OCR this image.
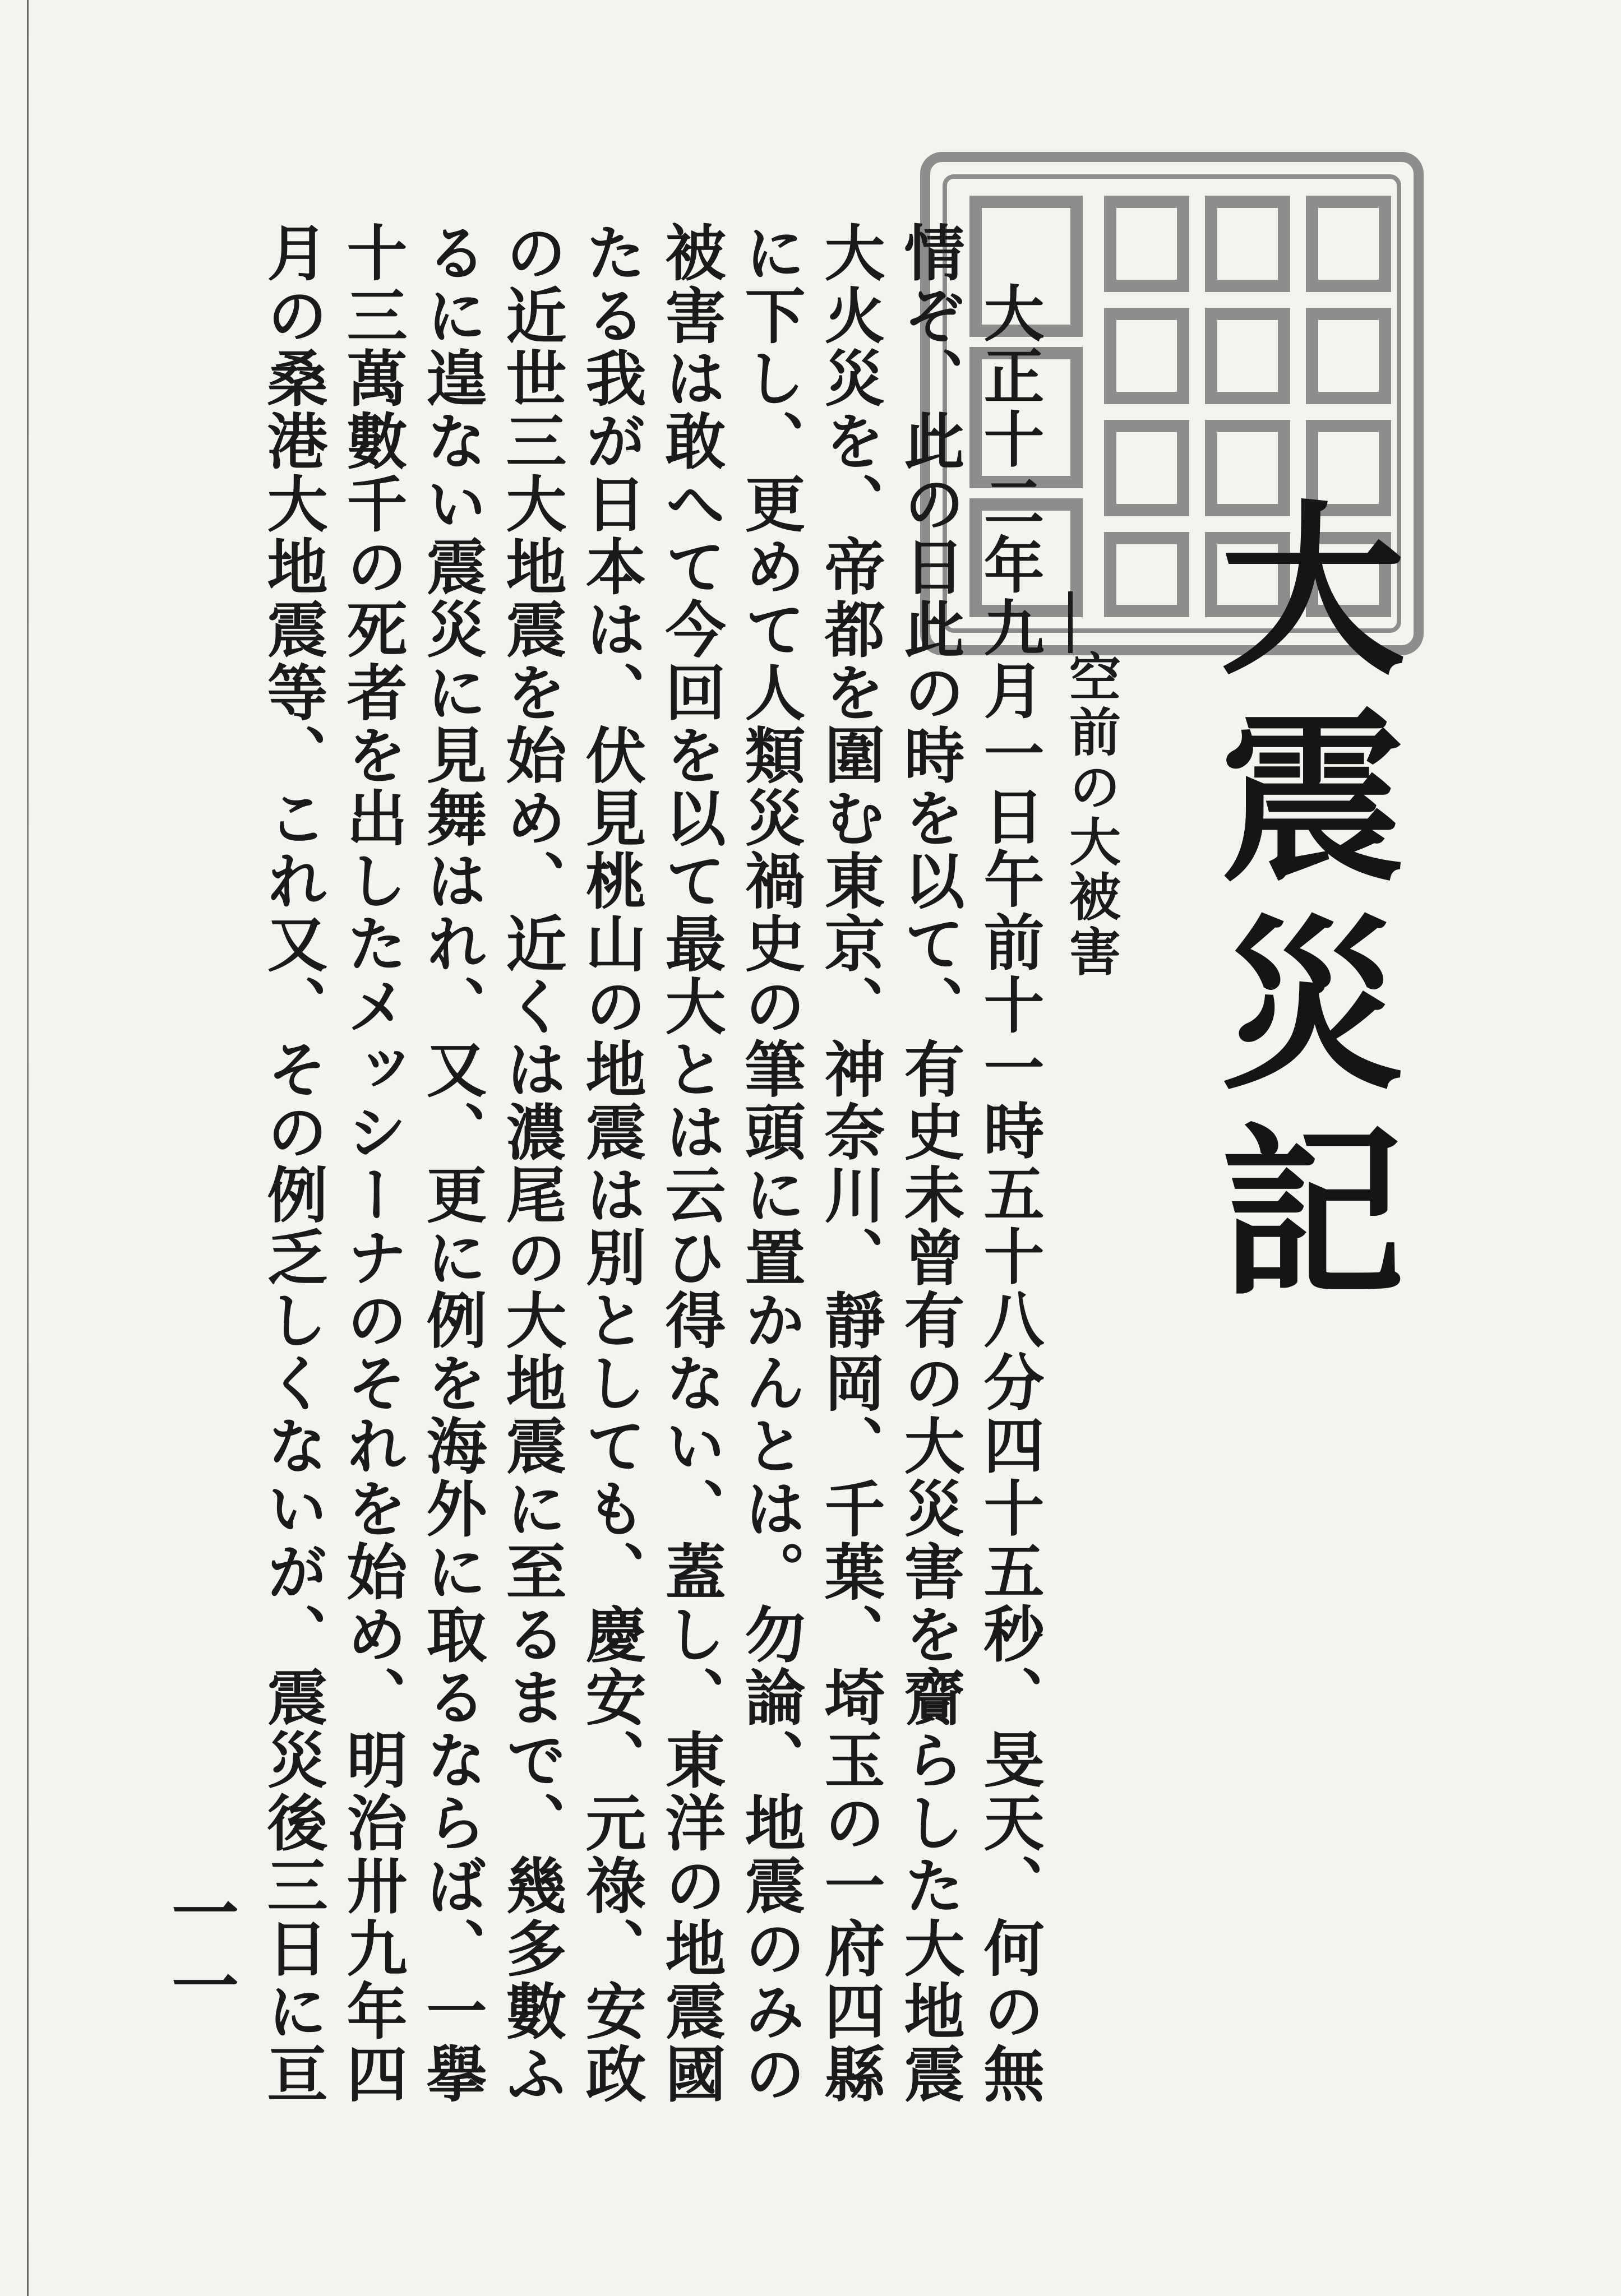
大震災記
空前の大被害

大正十二年九月一日午前十一時五十八分四十五秒、旻天、何の無情ぞ、此の日此の時を以て、有史未曾有の大災害を齎らした大地震大火災を、帝都を圍む東京、神奈川、靜岡、千葉、埼玉の一府四縣に下し、更めて人類災禍史の筆頭に置かんとは。勿論、地震のみの被害は敢へて今回を以て最大とは云ひ得ない、蓋し、東洋の地震國たる我が日本は、伏見桃山の地震は別としても、慶安、元祿、安政の近世三大地震を始め、近くは濃尾の大地震に至るまで、幾多數ふるに遑ない震災に見舞はれ、又、更に例を海外に取るならば、一擧十三萬數千の死者を出したメッシーナのそれを始め、明治卅九年四月の桑港大地震等、これ又、その例乏しくないが、震災後三日に亘

一一
